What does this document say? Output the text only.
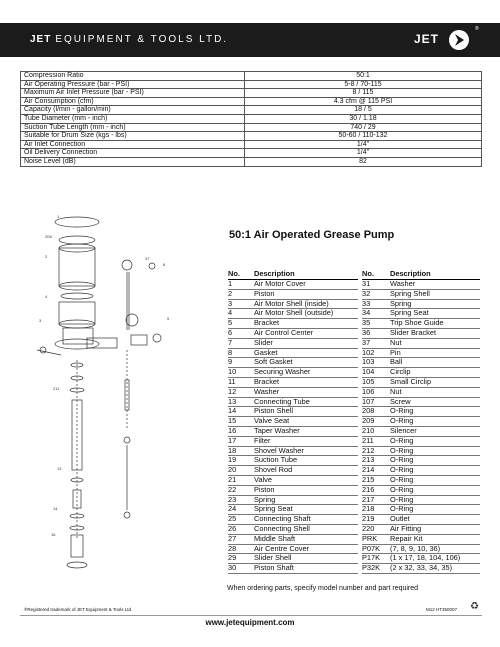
JET EQUIPMENT & TOOLS LTD.	JET
®
Compression Ratio	50:1
Air Operating Pressure (bar - PSI)	5-8 / 70-115
Maximum Air Inlet Pressure (bar - PSI)	8 / 115
Air Consumption (cfm)	4.3 cfm @ 115 PSI
Capacity (l/min - gallon/min)	18 / 5
Tube Diameter (mm - inch)	30 / 1.18
Suction Tube Length (mm - inch)	740 / 29
Suitable for Drum Size (kgs - lbs)	50-60 / 110-132
Air Inlet Connection	1/4"
Oil Delivery Connection	1/4"
Noise Level (dB)	82
1
208
2
4
3
37
6
5
211
13
14
16
50:1 Air Operated Grease Pump
No.	Description
1	Air Motor Cover
2	Piston
3	Air Motor Shell (inside)
4	Air Motor Shell (outside)
5	Bracket
6	Air Control Center
7	Slider
8	Gasket
9	Soft Gasket
10	Securing Washer
11	Bracket
12	Washer
13	Connecting Tube
14	Piston Shell
15	Valve Seat
16	Taper Washer
17	Filter
18	Shovel Washer
19	Suction Tube
20	Shovel Rod
21	Valve
22	Piston
23	Spring
24	Spring Seat
25	Connecting Shaft
26	Connecting Shell
27	Middle Shaft
28	Air Centre Cover
29	Slider Shell
30	Piston Shaft
No.	Description
31	Washer
32	Spring Shell
33	Spring
34	Spring Seat
35	Trip Shoe Guide
36	Slider Bracket
37	Nut
102	Pin
103	Ball
104	Circlip
105	Small Circlip
106	Nut
107	Screw
208	O-Ring
209	O-Ring
210	Silencer
211	O-Ring
212	O-Ring
213	O-Ring
214	O-Ring
215	O-Ring
216	O-Ring
217	O-Ring
218	O-Ring
219	Outlet
220	Air Fitting
PRK	Repair Kit
P07K	(7, 8, 9, 10, 36)
P17K	(1 x 17, 18, 104, 106)
P32K	(2 x 32, 33, 34, 35)
When ordering parts, specify model number and part required
®Registered trademark of JET Equipment & Tools Ltd.	M12 HT350007 ♻
www.jetequipment.com
